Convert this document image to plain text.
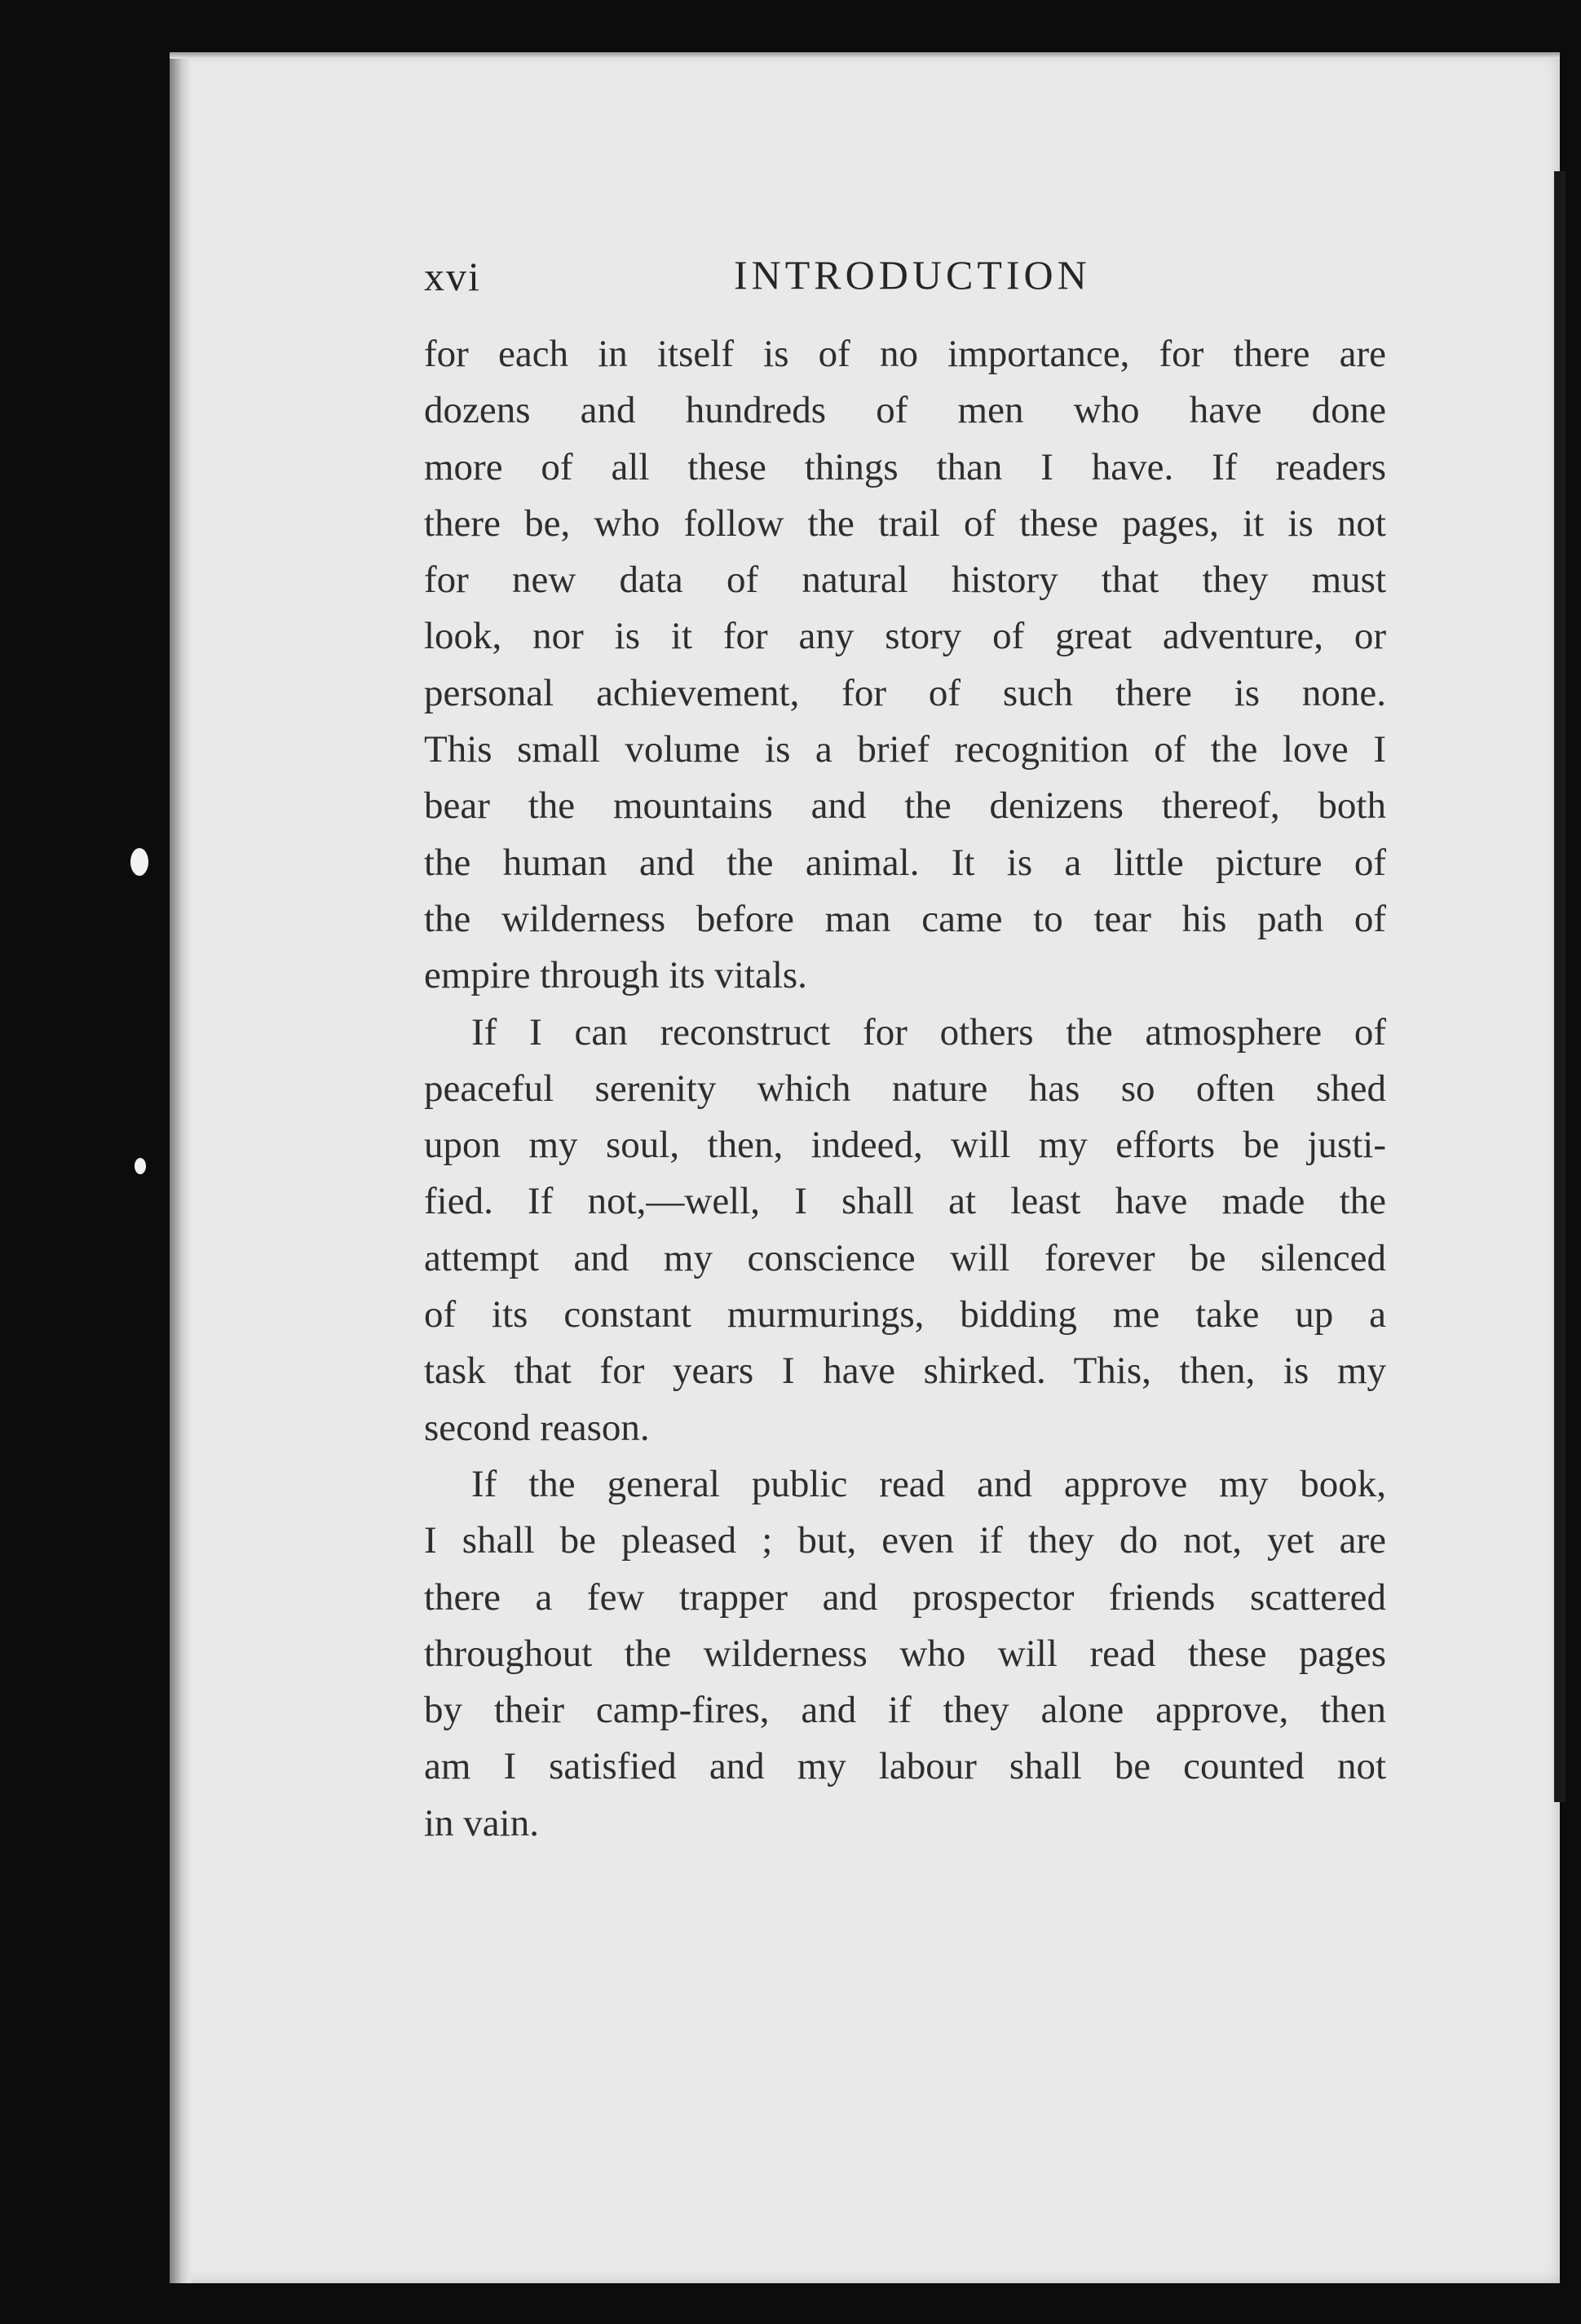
xvi	INTRODUCTION
for each in itself is of no importance, for there are
dozens and hundreds of men who have done
more of all these things than I have. If readers
there be, who follow the trail of these pages, it is not
for new data of natural history that they must
look, nor is it for any story of great adventure, or
personal achievement, for of such there is none.
This small volume is a brief recognition of the love I
bear the mountains and the denizens thereof, both
the human and the animal. It is a little picture of
the wilderness before man came to tear his path of
empire through its vitals.
If I can reconstruct for others the atmosphere of
peaceful serenity which nature has so often shed
upon my soul, then, indeed, will my efforts be justi-
fied. If not,—well, I shall at least have made the
attempt and my conscience will forever be silenced
of its constant murmurings, bidding me take up a
task that for years I have shirked. This, then, is my
second reason.
If the general public read and approve my book,
I shall be pleased ; but, even if they do not, yet are
there a few trapper and prospector friends scattered
throughout the wilderness who will read these pages
by their camp-fires, and if they alone approve, then
am I satisfied and my labour shall be counted not
in vain.
